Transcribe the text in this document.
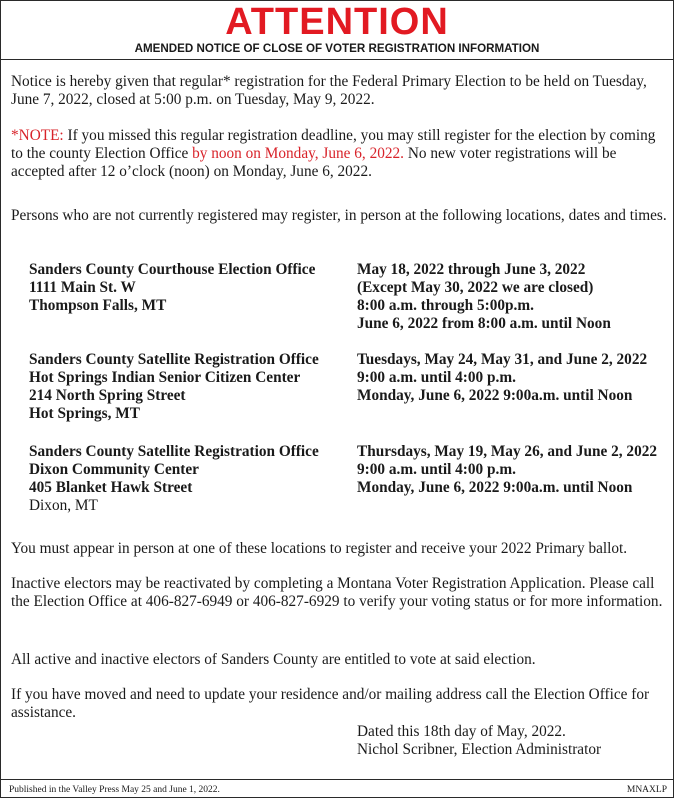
ATTENTION
AMENDED NOTICE OF CLOSE OF VOTER REGISTRATION INFORMATION

Notice is hereby given that regular* registration for the Federal Primary Election to be held on Tuesday, June 7, 2022, closed at 5:00 p.m. on Tuesday, May 9, 2022.

*NOTE: If you missed this regular registration deadline, you may still register for the election by coming to the county Election Office by noon on Monday, June 6, 2022. No new voter registrations will be accepted after 12 o’clock (noon) on Monday, June 6, 2022.

Persons who are not currently registered may register, in person at the following locations, dates and times.

Sanders County Courthouse Election Office
1111 Main St. W
Thompson Falls, MT
May 18, 2022 through June 3, 2022
(Except May 30, 2022 we are closed)
8:00 a.m. through 5:00p.m.
June 6, 2022 from 8:00 a.m. until Noon
Sanders County Satellite Registration Office
Hot Springs Indian Senior Citizen Center
214 North Spring Street
Hot Springs, MT
Tuesdays, May 24, May 31, and June 2, 2022
9:00 a.m. until 4:00 p.m.
Monday, June 6, 2022 9:00a.m. until Noon
Sanders County Satellite Registration Office
Dixon Community Center
405 Blanket Hawk Street
Dixon, MT
Thursdays, May 19, May 26, and June 2, 2022
9:00 a.m. until 4:00 p.m.
Monday, June 6, 2022 9:00a.m. until Noon

You must appear in person at one of these locations to register and receive your 2022 Primary ballot.

Inactive electors may be reactivated by completing a Montana Voter Registration Application. Please call the Election Office at 406-827-6949 or 406-827-6929 to verify your voting status or for more information.

All active and inactive electors of Sanders County are entitled to vote at said election.

If you have moved and need to update your residence and/or mailing address call the Election Office for assistance.

Dated this 18th day of May, 2022.
Nichol Scribner, Election Administrator
Published in the Valley Press May 25 and June 1, 2022.	MNAXLP
